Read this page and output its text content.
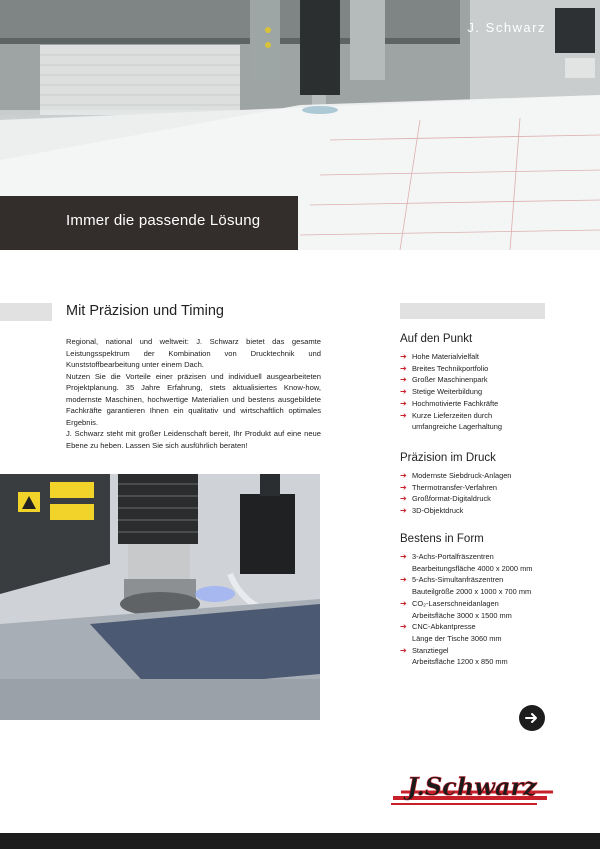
J. Schwarz
Immer die passende Lösung
Mit Präzision und Timing

Regional, national und weltweit: J. Schwarz bietet das gesamte Leistungsspektrum der Kombination von Drucktechnik und Kunststoffbearbeitung unter einem Dach.

Nutzen Sie die Vorteile einer präzisen und individuell ausgearbeiteten Projektplanung. 35 Jahre Erfahrung, stets aktualisiertes Know-how, modernste Maschinen, hochwertige Materialien und bestens ausgebildete Fachkräfte garantieren Ihnen ein qualitativ und wirtschaftlich optimales Ergebnis.

J. Schwarz steht mit großer Leidenschaft bereit, Ihr Produkt auf eine neue Ebene zu heben. Lassen Sie sich ausführlich beraten!

Auf den Punkt
➔ Hohe Materialvielfalt
➔ Breites Technikportfolio
➔ Großer Maschinenpark
➔ Stetige Weiterbildung
➔ Hochmotivierte Fachkräfte
➔ Kurze Lieferzeiten durch
umfangreiche Lagerhaltung
Präzision im Druck
➔ Modernste Siebdruck-Anlagen
➔ Thermotransfer-Verfahren
➔ Großformat-Digitaldruck
➔ 3D-Objektdruck
Bestens in Form
➔ 3-Achs-Portalfräszentren
Bearbeitungsfläche 4000 x 2000 mm
➔ 5-Achs-Simultanfräszentren
Bauteilgröße 2000 x 1000 x 700 mm
➔ CO₂-Laserschneidanlagen
Arbeitsfläche 3000 x 1500 mm
➔ CNC-Abkantpresse
Länge der Tische 3060 mm
➔ Stanztiegel
Arbeitsfläche 1200 x 850 mm
J.Schwarz
